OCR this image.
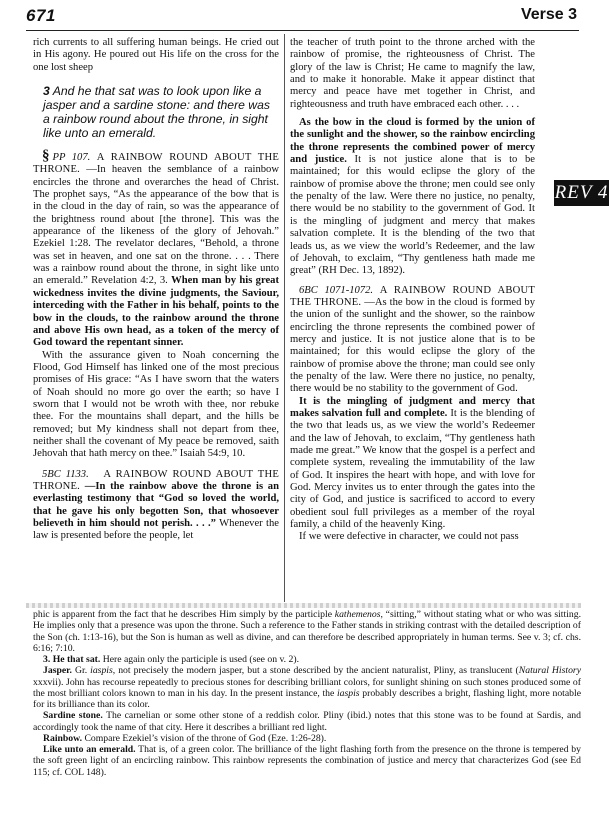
671	Verse 3

rich currents to all suffering human beings. He cried out in His agony. He poured out His life on the cross for the one lost sheep

3 And he that sat was to look upon like a jasper and a sardine stone: and there was a rainbow round about the throne, in sight like unto an emerald.

§ PP 107. A RAINBOW ROUND ABOUT THE THRONE. —In heaven the semblance of a rainbow encircles the throne and overarches the head of Christ. The prophet says, “As the appearance of the bow that is in the cloud in the day of rain, so was the appearance of the brightness round about [the throne]. This was the appearance of the likeness of the glory of Jehovah.” Ezekiel 1:28. The revelator declares, “Behold, a throne was set in heaven, and one sat on the throne. . . . There was a rainbow round about the throne, in sight like unto an emerald.” Revelation 4:2, 3. When man by his great wickedness invites the divine judgments, the Saviour, interceding with the Father in his behalf, points to the bow in the clouds, to the rainbow around the throne and above His own head, as a token of the mercy of God toward the repentant sinner.

With the assurance given to Noah concerning the Flood, God Himself has linked one of the most precious promises of His grace: “As I have sworn that the waters of Noah should no more go over the earth; so have I sworn that I would not be wroth with thee, nor rebuke thee. For the mountains shall depart, and the hills be removed; but My kindness shall not depart from thee, neither shall the covenant of My peace be removed, saith Jehovah that hath mercy on thee.” Isaiah 54:9, 10.

5BC 1133. A RAINBOW ROUND ABOUT THE THRONE. —In the rainbow above the throne is an everlasting testimony that “God so loved the world, that he gave his only begotten Son, that whosoever believeth in him should not perish. . . .” Whenever the law is presented before the people, let

the teacher of truth point to the throne arched with the rainbow of promise, the righteousness of Christ. The glory of the law is Christ; He came to magnify the law, and to make it honorable. Make it appear distinct that mercy and peace have met together in Christ, and righteousness and truth have embraced each other. . . .

As the bow in the cloud is formed by the union of the sunlight and the shower, so the rainbow encircling the throne represents the combined power of mercy and justice. It is not justice alone that is to be maintained; for this would eclipse the glory of the rainbow of promise above the throne; men could see only the penalty of the law. Were there no justice, no penalty, there would be no stability to the government of God. It is the mingling of judgment and mercy that makes salvation complete. It is the blending of the two that leads us, as we view the world’s Redeemer, and the law of Jehovah, to exclaim, “Thy gentleness hath made me great” (RH Dec. 13, 1892).

6BC 1071-1072. A RAINBOW ROUND ABOUT THE THRONE. —As the bow in the cloud is formed by the union of the sunlight and the shower, so the rainbow encircling the throne represents the combined power of mercy and justice. It is not justice alone that is to be maintained; for this would eclipse the glory of the rainbow of promise above the throne; man could see only the penalty of the law. Were there no justice, no penalty, there would be no stability to the government of God.

It is the mingling of judgment and mercy that makes salvation full and complete. It is the blending of the two that leads us, as we view the world’s Redeemer and the law of Jehovah, to exclaim, “Thy gentleness hath made me great.” We know that the gospel is a perfect and complete system, revealing the immutability of the law of God. It inspires the heart with hope, and with love for God. Mercy invites us to enter through the gates into the city of God, and justice is sacrificed to accord to every obedient soul full privileges as a member of the royal family, a child of the heavenly King.

If we were defective in character, we could not pass

REV 4

phic is apparent from the fact that he describes Him simply by the participle kathemenos, “sitting,” without stating what or who was sitting. He implies only that a presence was upon the throne. Such a reference to the Father stands in striking contrast with the detailed description of the Son (ch. 1:13-16), but the Son is human as well as divine, and can therefore be described appropriately in human terms. See v. 3; cf. chs. 6:16; 7:10.

3. He that sat. Here again only the participle is used (see on v. 2).

Jasper. Gr. iaspis, not precisely the modern jasper, but a stone described by the ancient naturalist, Pliny, as translucent (Natural History xxxvii). John has recourse repeatedly to precious stones for describing brilliant colors, for sunlight shining on such stones produced some of the most brilliant colors known to man in his day. In the present instance, the iaspis probably describes a bright, flashing light, more notable for its brilliance than its color.

Sardine stone. The carnelian or some other stone of a reddish color. Pliny (ibid.) notes that this stone was to be found at Sardis, and accordingly took the name of that city. Here it describes a brilliant red light.

Rainbow. Compare Ezekiel’s vision of the throne of God (Eze. 1:26-28).

Like unto an emerald. That is, of a green color. The brilliance of the light flashing forth from the presence on the throne is tempered by the soft green light of an encircling rainbow. This rainbow represents the combination of justice and mercy that characterizes God (see Ed 115; cf. COL 148).
